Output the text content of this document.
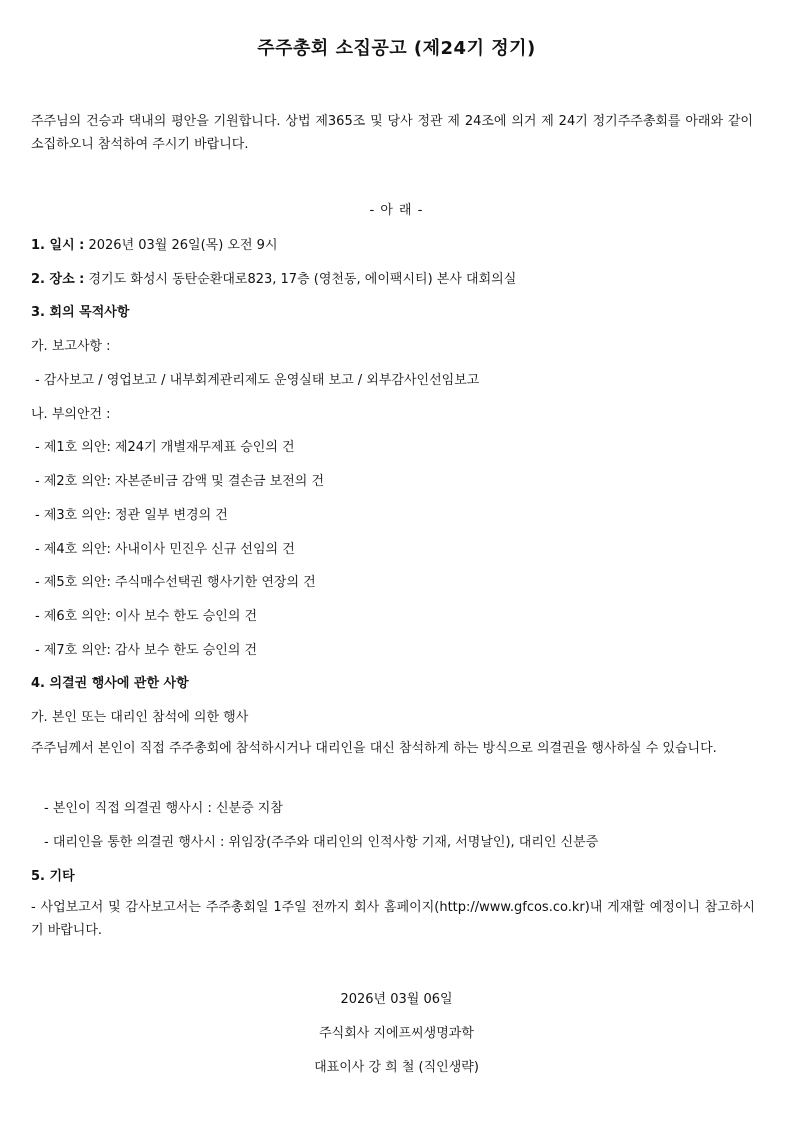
주주총회 소집공고 (제24기 정기)
주주님의 건승과 댁내의 평안을 기원합니다. 상법 제365조 및 당사 정관 제 24조에 의거 제 24기 정기주주총회를 아래와 같이 소집하오니 참석하여 주시기 바랍니다.
- 아 래 -
1. 일시 : 2026년 03월 26일(목) 오전 9시
2. 장소 : 경기도 화성시 동탄순환대로823, 17층 (영천동, 에이팩시티) 본사 대회의실
3. 회의 목적사항
가. 보고사항 :
- 감사보고 / 영업보고 / 내부회계관리제도 운영실태 보고 / 외부감사인선임보고
나. 부의안건 :
- 제1호 의안: 제24기 개별재무제표 승인의 건
- 제2호 의안: 자본준비금 감액 및 결손금 보전의 건
- 제3호 의안: 정관 일부 변경의 건
- 제4호 의안: 사내이사 민진우 신규 선임의 건
- 제5호 의안: 주식매수선택권 행사기한 연장의 건
- 제6호 의안: 이사 보수 한도 승인의 건
- 제7호 의안: 감사 보수 한도 승인의 건
4. 의결권 행사에 관한 사항
가. 본인 또는 대리인 참석에 의한 행사
주주님께서 본인이 직접 주주총회에 참석하시거나 대리인을 대신 참석하게 하는 방식으로 의결권을 행사하실 수 있습니다.
- 본인이 직접 의결권 행사시 : 신분증 지참
- 대리인을 통한 의결권 행사시 : 위임장(주주와 대리인의 인적사항 기재, 서명날인), 대리인 신분증
5. 기타
- 사업보고서 및 감사보고서는 주주총회일 1주일 전까지 회사 홈페이지(http://www.gfcos.co.kr)내 게재할 예정이니 참고하시기 바랍니다.
2026년 03월 06일
주식회사 지에프씨생명과학
대표이사 강 희 철 (직인생략)
